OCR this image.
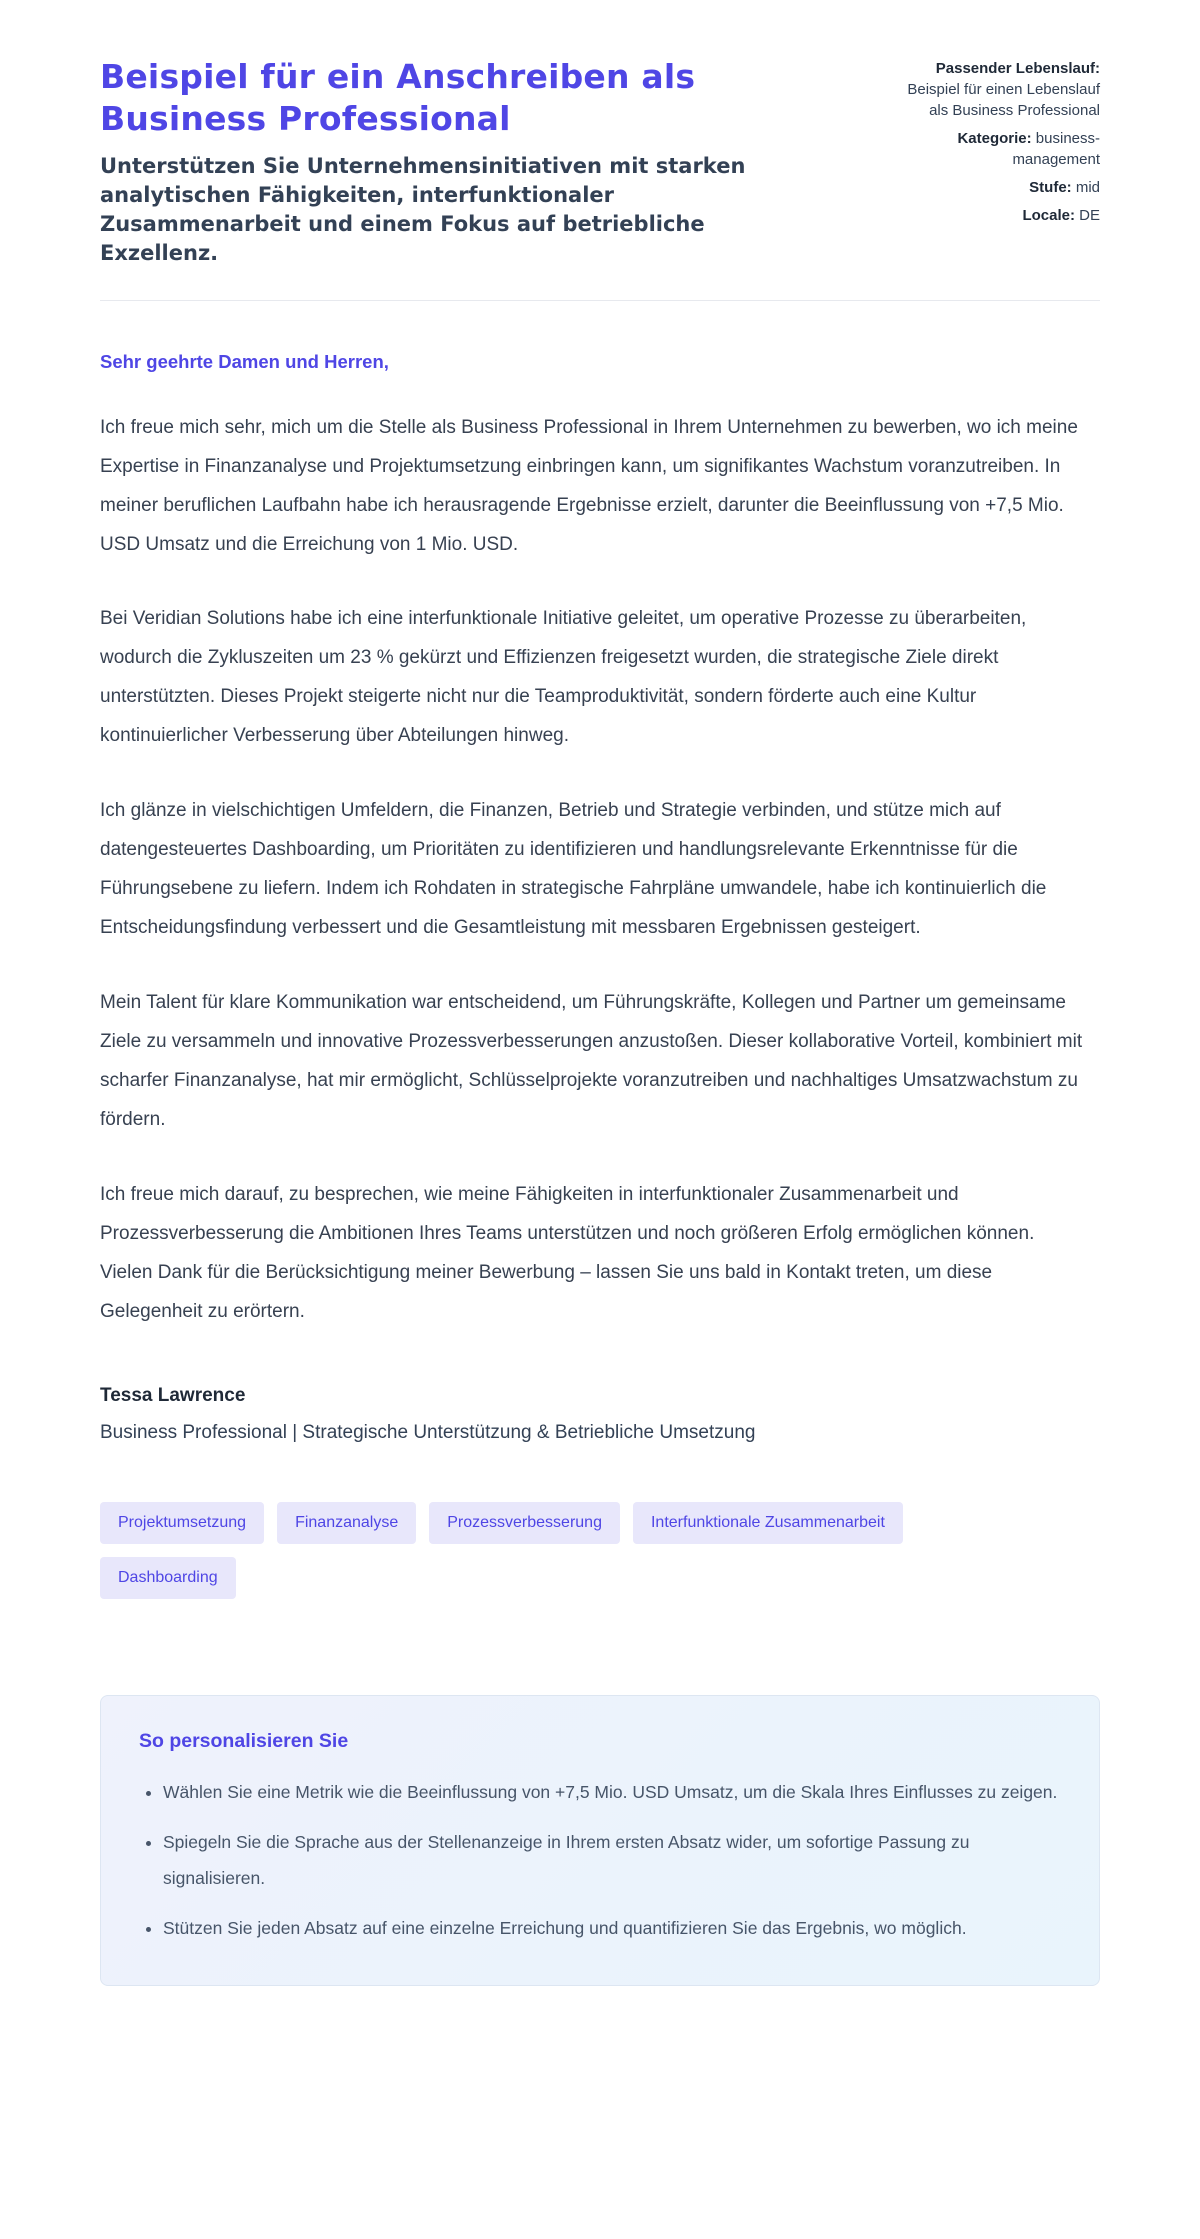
Beispiel für ein Anschreiben als Business Professional

Unterstützen Sie Unternehmensinitiativen mit starken analytischen Fähigkeiten, interfunktionaler Zusammenarbeit und einem Fokus auf betriebliche Exzellenz.

Passender Lebenslauf:
Beispiel für einen Lebenslauf als Business Professional
Kategorie: business-management
Stufe: mid
Locale: DE

Sehr geehrte Damen und Herren,

Ich freue mich sehr, mich um die Stelle als Business Professional in Ihrem Unternehmen zu bewerben, wo ich meine Expertise in Finanzanalyse und Projektumsetzung einbringen kann, um signifikantes Wachstum voranzutreiben. In meiner beruflichen Laufbahn habe ich herausragende Ergebnisse erzielt, darunter die Beeinflussung von +7,5 Mio. USD Umsatz und die Erreichung von 1 Mio. USD.

Bei Veridian Solutions habe ich eine interfunktionale Initiative geleitet, um operative Prozesse zu überarbeiten, wodurch die Zykluszeiten um 23 % gekürzt und Effizienzen freigesetzt wurden, die strategische Ziele direkt unterstützten. Dieses Projekt steigerte nicht nur die Teamproduktivität, sondern förderte auch eine Kultur kontinuierlicher Verbesserung über Abteilungen hinweg.

Ich glänze in vielschichtigen Umfeldern, die Finanzen, Betrieb und Strategie verbinden, und stütze mich auf datengesteuertes Dashboarding, um Prioritäten zu identifizieren und handlungsrelevante Erkenntnisse für die Führungsebene zu liefern. Indem ich Rohdaten in strategische Fahrpläne umwandele, habe ich kontinuierlich die Entscheidungsfindung verbessert und die Gesamtleistung mit messbaren Ergebnissen gesteigert.

Mein Talent für klare Kommunikation war entscheidend, um Führungskräfte, Kollegen und Partner um gemeinsame Ziele zu versammeln und innovative Prozessverbesserungen anzustoßen. Dieser kollaborative Vorteil, kombiniert mit scharfer Finanzanalyse, hat mir ermöglicht, Schlüsselprojekte voranzutreiben und nachhaltiges Umsatzwachstum zu fördern.

Ich freue mich darauf, zu besprechen, wie meine Fähigkeiten in interfunktionaler Zusammenarbeit und Prozessverbesserung die Ambitionen Ihres Teams unterstützen und noch größeren Erfolg ermöglichen können. Vielen Dank für die Berücksichtigung meiner Bewerbung – lassen Sie uns bald in Kontakt treten, um diese Gelegenheit zu erörtern.

Tessa Lawrence

Business Professional | Strategische Unterstützung & Betriebliche Umsetzung

Projektumsetzung	Finanzanalyse	Prozessverbesserung	Interfunktionale Zusammenarbeit
Dashboarding
So personalisieren Sie
• Wählen Sie eine Metrik wie die Beeinflussung von +7,5 Mio. USD Umsatz, um die Skala Ihres Einflusses zu zeigen.
• Spiegeln Sie die Sprache aus der Stellenanzeige in Ihrem ersten Absatz wider, um sofortige Passung zu signalisieren.
• Stützen Sie jeden Absatz auf eine einzelne Erreichung und quantifizieren Sie das Ergebnis, wo möglich.
